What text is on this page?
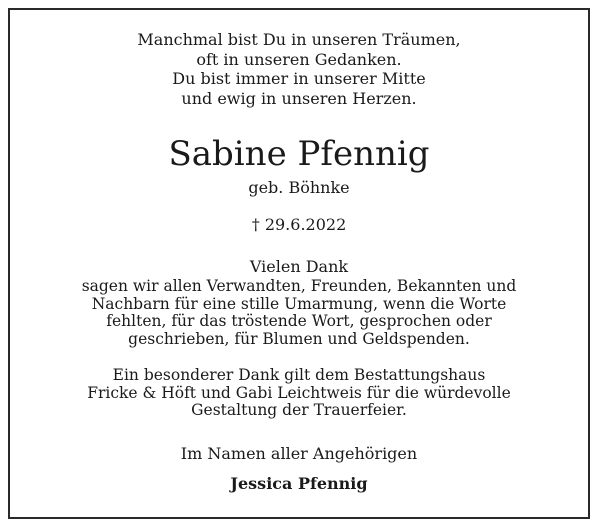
Manchmal bist Du in unseren Träumen,
oft in unseren Gedanken.
Du bist immer in unserer Mitte
und ewig in unseren Herzen.
Sabine Pfennig
geb. Böhnke
† 29.6.2022
Vielen Dank
sagen wir allen Verwandten, Freunden, Bekannten und
Nachbarn für eine stille Umarmung, wenn die Worte
fehlten, für das tröstende Wort, gesprochen oder
geschrieben, für Blumen und Geldspenden.
Ein besonderer Dank gilt dem Bestattungshaus
Fricke & Höft und Gabi Leichtweis für die würdevolle
Gestaltung der Trauerfeier.
Im Namen aller Angehörigen
Jessica Pfennig
